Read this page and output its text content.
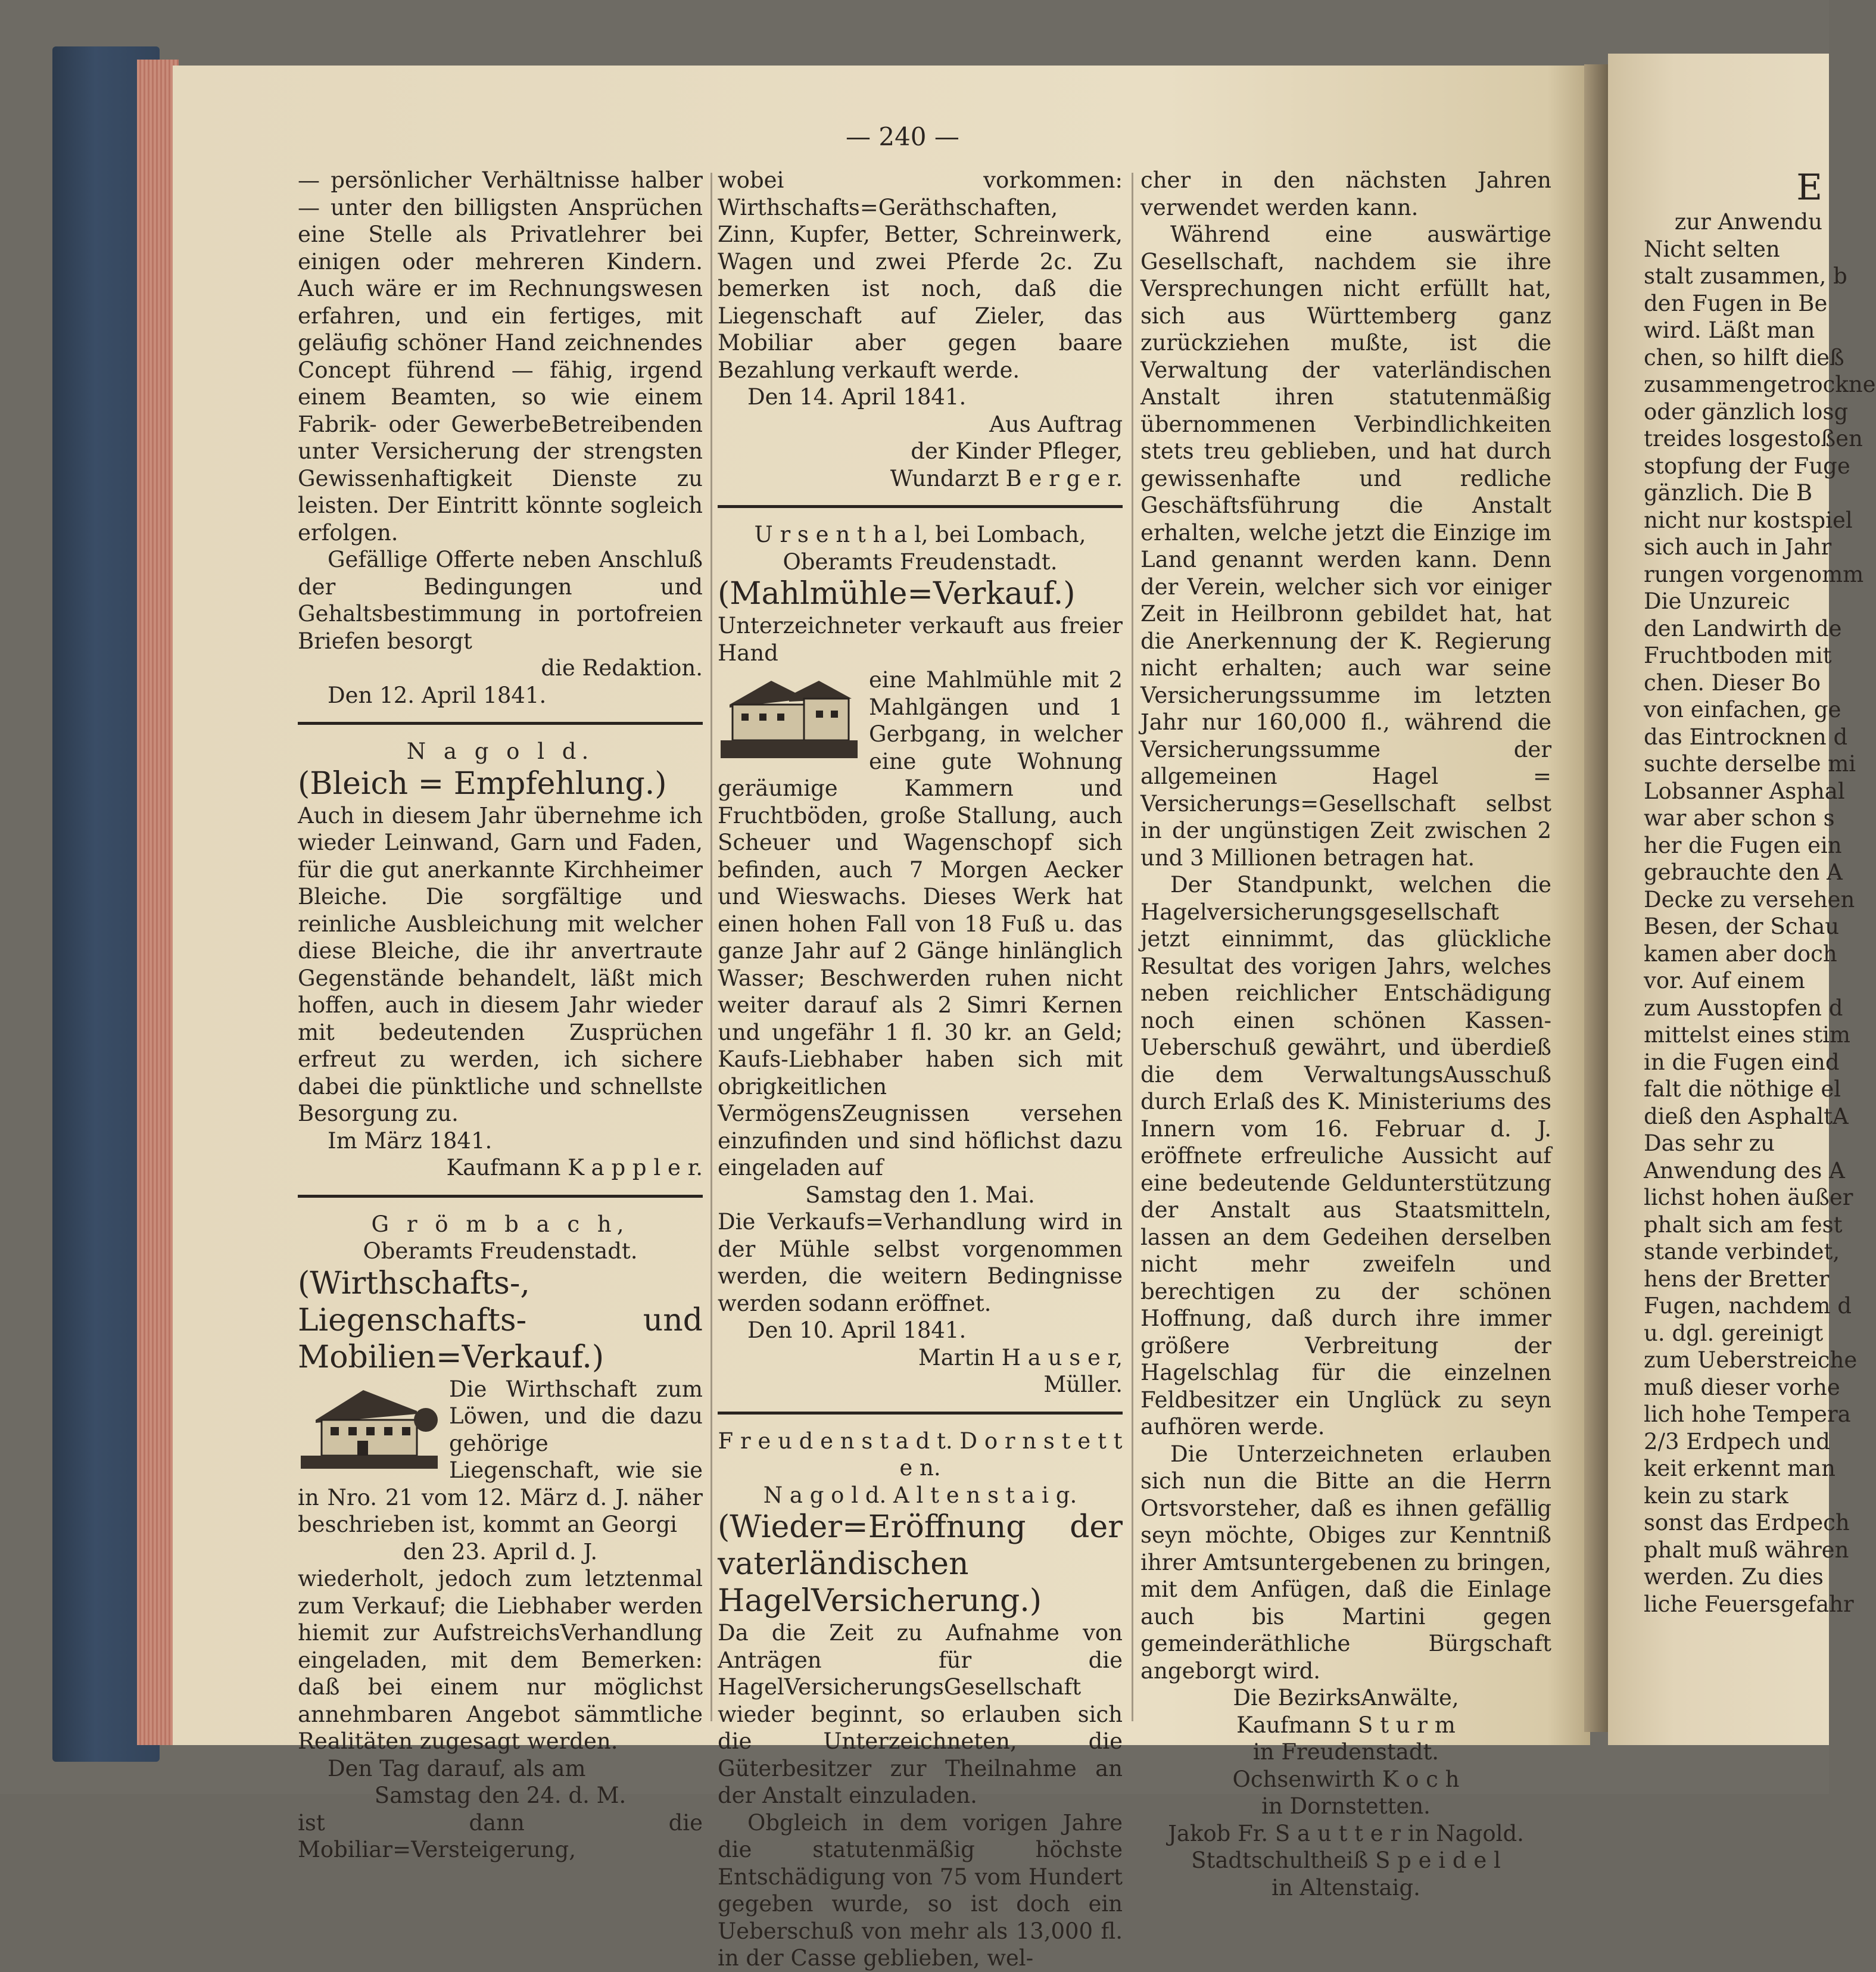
— 240 —

— persönlicher Verhältnisse halber — unter den billigsten Ansprüchen eine Stelle als Privatlehrer bei einigen oder mehreren Kindern. Auch wäre er im Rechnungswesen erfahren, und ein fertiges, mit geläufig schöner Hand zeichnendes Concept führend — fähig, irgend einem Beamten, so wie einem Fabrik- oder GewerbeBetreibenden unter Versicherung der strengsten Gewissenhaftigkeit Dienste zu leisten. Der Eintritt könnte sogleich erfolgen.

Gefällige Offerte neben Anschluß der Bedingungen und Gehaltsbestimmung in portofreien Briefen besorgt

die Redaktion.

Den 12. April 1841.

N a g o l d.

(Bleich = Empfehlung.)

Auch in diesem Jahr übernehme ich wieder Leinwand, Garn und Faden, für die gut anerkannte Kirchheimer Bleiche. Die sorgfältige und reinliche Ausbleichung mit welcher diese Bleiche, die ihr anvertraute Gegenstände behandelt, läßt mich hoffen, auch in diesem Jahr wieder mit bedeutenden Zusprüchen erfreut zu werden, ich sichere dabei die pünktliche und schnellste Besorgung zu.

Im März 1841.

Kaufmann K a p p l e r.

G r ö m b a c h,

Oberamts Freudenstadt.

(Wirthschafts-, Liegenschafts- und Mobilien=Verkauf.)

Die Wirthschaft zum Löwen, und die dazu gehörige Liegenschaft, wie sie in Nro. 21 vom 12. März d. J. näher beschrieben ist, kommt an Georgi

den 23. April d. J.

wiederholt, jedoch zum letztenmal zum Verkauf; die Liebhaber werden hiemit zur AufstreichsVerhandlung eingeladen, mit dem Bemerken: daß bei einem nur möglichst annehmbaren Angebot sämmtliche Realitäten zugesagt werden.

Den Tag darauf, als am

Samstag den 24. d. M.

ist dann die Mobiliar=Versteigerung,

wobei vorkommen: Wirthschafts=Geräthschaften, Zinn, Kupfer, Better, Schreinwerk, Wagen und zwei Pferde 2c. Zu bemerken ist noch, daß die Liegenschaft auf Zieler, das Mobiliar aber gegen baare Bezahlung verkauft werde.

Den 14. April 1841.

Aus Auftrag

der Kinder Pfleger,

Wundarzt B e r g e r.

U r s e n t h a l, bei Lombach,

Oberamts Freudenstadt.

(Mahlmühle=Verkauf.)

Unterzeichneter verkauft aus freier Hand

eine Mahlmühle mit 2 Mahlgängen und 1 Gerbgang, in welcher eine gute Wohnung geräumige Kammern und Fruchtböden, große Stallung, auch Scheuer und Wagenschopf sich befinden, auch 7 Morgen Aecker und Wieswachs. Dieses Werk hat einen hohen Fall von 18 Fuß u. das ganze Jahr auf 2 Gänge hinlänglich Wasser; Beschwerden ruhen nicht weiter darauf als 2 Simri Kernen und ungefähr 1 fl. 30 kr. an Geld; Kaufs-Liebhaber haben sich mit obrigkeitlichen VermögensZeugnissen versehen einzufinden und sind höflichst dazu eingeladen auf

Samstag den 1. Mai.

Die Verkaufs=Verhandlung wird in der Mühle selbst vorgenommen werden, die weitern Bedingnisse werden sodann eröffnet.

Den 10. April 1841.

Martin H a u s e r,

Müller.

F r e u d e n s t a d t. D o r n s t e t t e n.

N a g o l d. A l t e n s t a i g.

(Wieder=Eröffnung der vaterländischen HagelVersicherung.)

Da die Zeit zu Aufnahme von Anträgen für die HagelVersicherungsGesellschaft wieder beginnt, so erlauben sich die Unterzeichneten, die Güterbesitzer zur Theilnahme an der Anstalt einzuladen.

Obgleich in dem vorigen Jahre die statutenmäßig höchste Entschädigung von 75 vom Hundert gegeben wurde, so ist doch ein Ueberschuß von mehr als 13,000 fl. in der Casse geblieben, wel-

cher in den nächsten Jahren verwendet werden kann.

Während eine auswärtige Gesellschaft, nachdem sie ihre Versprechungen nicht erfüllt hat, sich aus Württemberg ganz zurückziehen mußte, ist die Verwaltung der vaterländischen Anstalt ihren statutenmäßig übernommenen Verbindlichkeiten stets treu geblieben, und hat durch gewissenhafte und redliche Geschäftsführung die Anstalt erhalten, welche jetzt die Einzige im Land genannt werden kann. Denn der Verein, welcher sich vor einiger Zeit in Heilbronn gebildet hat, hat die Anerkennung der K. Regierung nicht erhalten; auch war seine Versicherungssumme im letzten Jahr nur 160,000 fl., während die Versicherungssumme der allgemeinen Hagel = Versicherungs=Gesellschaft selbst in der ungünstigen Zeit zwischen 2 und 3 Millionen betragen hat.

Der Standpunkt, welchen die Hagelversicherungsgesellschaft jetzt einnimmt, das glückliche Resultat des vorigen Jahrs, welches neben reichlicher Entschädigung noch einen schönen Kassen-Ueberschuß gewährt, und überdieß die dem VerwaltungsAusschuß durch Erlaß des K. Ministeriums des Innern vom 16. Februar d. J. eröffnete erfreuliche Aussicht auf eine bedeutende Geldunterstützung der Anstalt aus Staatsmitteln, lassen an dem Gedeihen derselben nicht mehr zweifeln und berechtigen zu der schönen Hoffnung, daß durch ihre immer größere Verbreitung der Hagelschlag für die einzelnen Feldbesitzer ein Unglück zu seyn aufhören werde.

Die Unterzeichneten erlauben sich nun die Bitte an die Herrn Ortsvorsteher, daß es ihnen gefällig seyn möchte, Obiges zur Kenntniß ihrer Amtsuntergebenen zu bringen, mit dem Anfügen, daß die Einlage auch bis Martini gegen gemeinderäthliche Bürgschaft angeborgt wird.

Die BezirksAnwälte,

Kaufmann S t u r m

in Freudenstadt.

Ochsenwirth K o c h

in Dornstetten.

Jakob Fr. S a u t t e r in Nagold.

Stadtschultheiß S p e i d e l

in Altenstaig.

E

zur Anwendu

Nicht selten

stalt zusammen, b

den Fugen in Be

wird. Läßt man

chen, so hilft dieß

zusammengetrockne

oder gänzlich losg

treides losgestoßen

stopfung der Fuge

gänzlich. Die B

nicht nur kostspiel

sich auch in Jahr

rungen vorgenomm

Die Unzureic

den Landwirth de

Fruchtboden mit

chen. Dieser Bo

von einfachen, ge

das Eintrocknen d

suchte derselbe mi

Lobsanner Asphal

war aber schon s

her die Fugen ein

gebrauchte den A

Decke zu versehen

Besen, der Schau

kamen aber doch

vor. Auf einem

zum Ausstopfen d

mittelst eines stim

in die Fugen eind

falt die nöthige el

dieß den AsphaltA

Das sehr zu

Anwendung des A

lichst hohen äußer

phalt sich am fest

stande verbindet,

hens der Bretter

Fugen, nachdem d

u. dgl. gereinigt

zum Ueberstreiche

muß dieser vorhe

lich hohe Tempera

2/3 Erdpech und

keit erkennt man

kein zu stark

sonst das Erdpech

phalt muß währen

werden. Zu dies

liche Feuersgefahr
